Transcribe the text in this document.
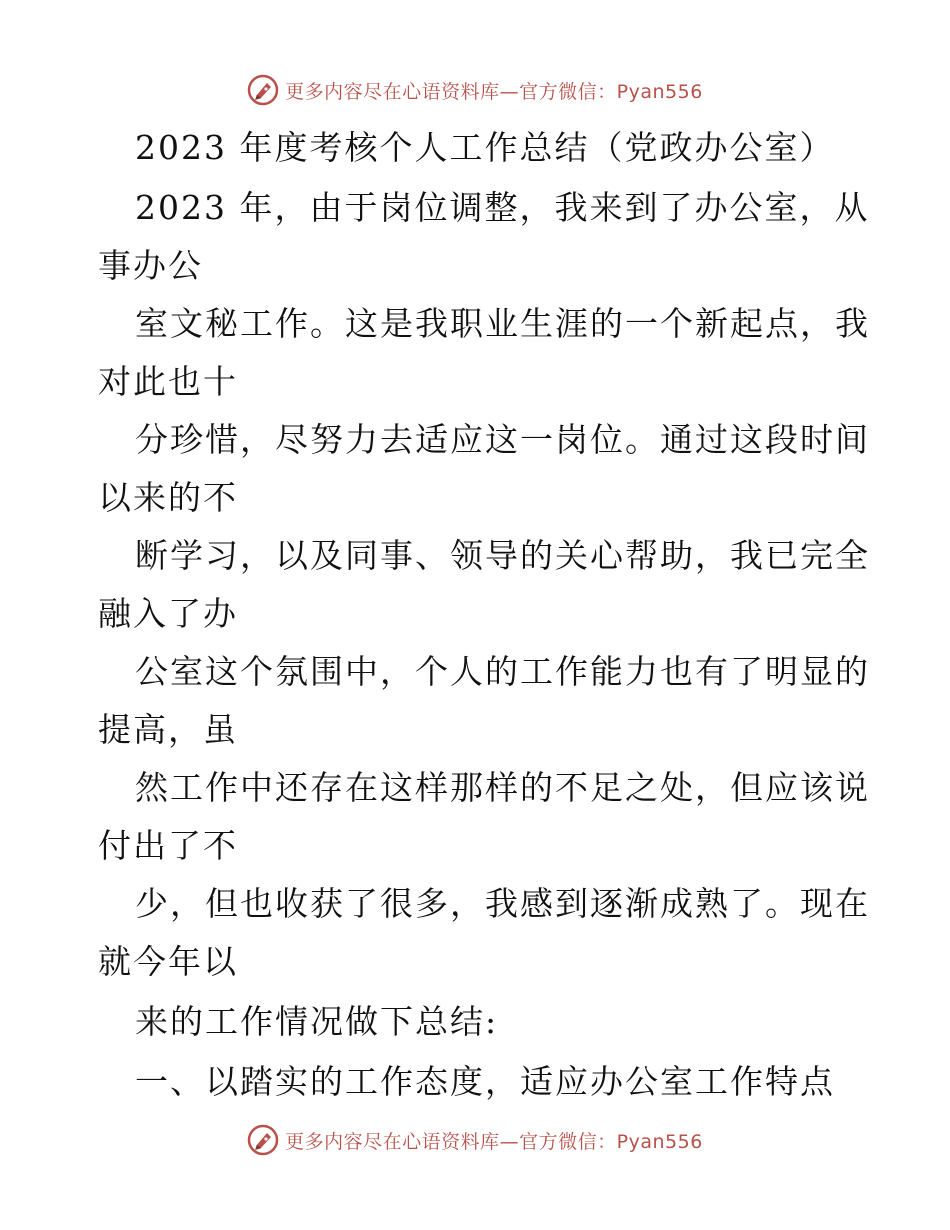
更多内容尽在心语资料库—官方微信：Pyan556
2023 年度考核个人工作总结（党政办公室）
2023 年，由于岗位调整，我来到了办公室，从
事办公
室文秘工作。这是我职业生涯的一个新起点，我
对此也十
分珍惜，尽努力去适应这一岗位。通过这段时间
以来的不
断学习，以及同事、领导的关心帮助，我已完全
融入了办
公室这个氛围中，个人的工作能力也有了明显的
提高，虽
然工作中还存在这样那样的不足之处，但应该说
付出了不
少，但也收获了很多，我感到逐渐成熟了。现在
就今年以
来的工作情况做下总结:
一、以踏实的工作态度，适应办公室工作特点
更多内容尽在心语资料库—官方微信：Pyan556
